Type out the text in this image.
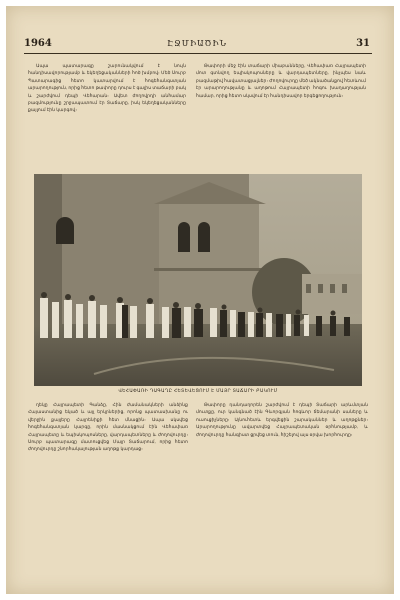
1964	ԷՋՄԻԱԾԻՆ	31

Ապա պատարագը շարունակվում է նույն հանդիսավորությամբ և եկեղեցականների հոծ խմբով։ Մեծ Սուրբ Պատարագից հետո կատարվում է հոգեհանգստյան արարողություն, որից հետո թափորը դուրս է գալիս տաճարի բակ և շարժվում դեպի Վեհարան։ Ավետ ժողովրդի անհամար բազմությունը շրջապատում էր Տաճարը, իսկ եկեղեցականները քայլում էին կարգով։

Թափորի մեջ էին տաճարի միաբանները, Վեհափառ Հայրապետի մոտ գտնվող եպիսկոպոսները և վարդապետները, ինչպես նաև բազմաթիվ հավատացյալներ։ Ժողովուրդը մեծ ակնածանքով հետևում էր արարողությանը և աղոթում Հայրապետի հոգու խաղաղության համար, որից հետո սկսվում էր հանդիսավոր երգեցողություն։

ՎԵՀԱՓԱՌԻ ԴԱԳԱՂԸ ՀԵՏԵՎԵՑՈՒՄ Է ՄԱՅՐ ՏԱՃԱՐԻ ԲԱԿՈՒՄ

ղեկը Հայրապետի Գանձը, Հին ժամանակների անձինք Հայաստանից եկած և այլ երկրներից, որոնց պատասխանը ու վերջին քայլերը Հայրենիքի հետ մնացին։ Ապա սկսվեց հոգեհանգստյան կարգը, որին մասնակցում էին Վեհափառ Հայրապետը և եպիսկոպոսները, վարդապետները և ժողովուրդը։ Սուրբ պատարագը մատուցվեց Մայր Տաճարում, որից հետո ժողովուրդը շնորհակալության աղոթք կարդաց։

Թափորը դանդաղորեն շարժվում է դեպի Տաճարի արևմտյան մուտքը, ուր կանգնած էին Գևորգյան հոգևոր ճեմարանի սաները և ուսուցիչները։ Այնուհետև երգվեցին շարականներ և աղոթքներ։ Արարողությունը ավարտվեց Հայրապետական օրհնությամբ, և ժողովուրդը հանգիստ ցրվեց տուն, հիշելով այս օրվա խորհուրդը։
